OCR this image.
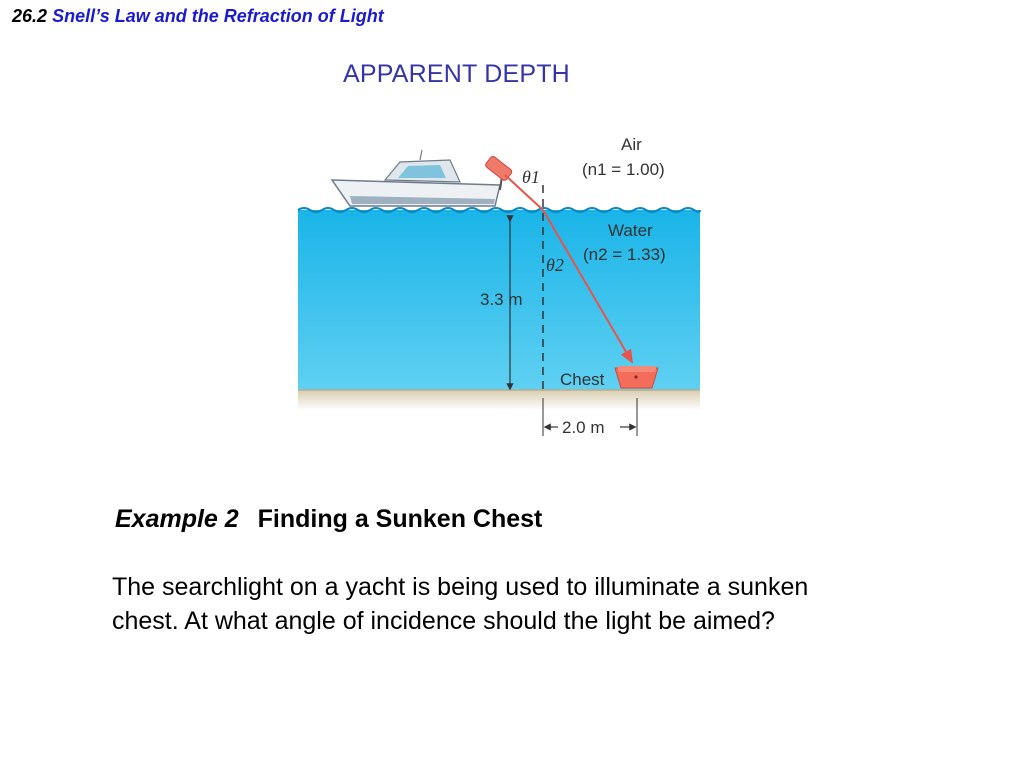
26.2 Snell’s Law and the Refraction of Light
APPARENT DEPTH
Air
(n1 = 1.00)
θ1
Water
(n2 = 1.33)
θ2
3.3 m
Chest
2.0 m
Example 2 Finding a Sunken Chest
The searchlight on a yacht is being used to illuminate a sunken
chest. At what angle of incidence should the light be aimed?
